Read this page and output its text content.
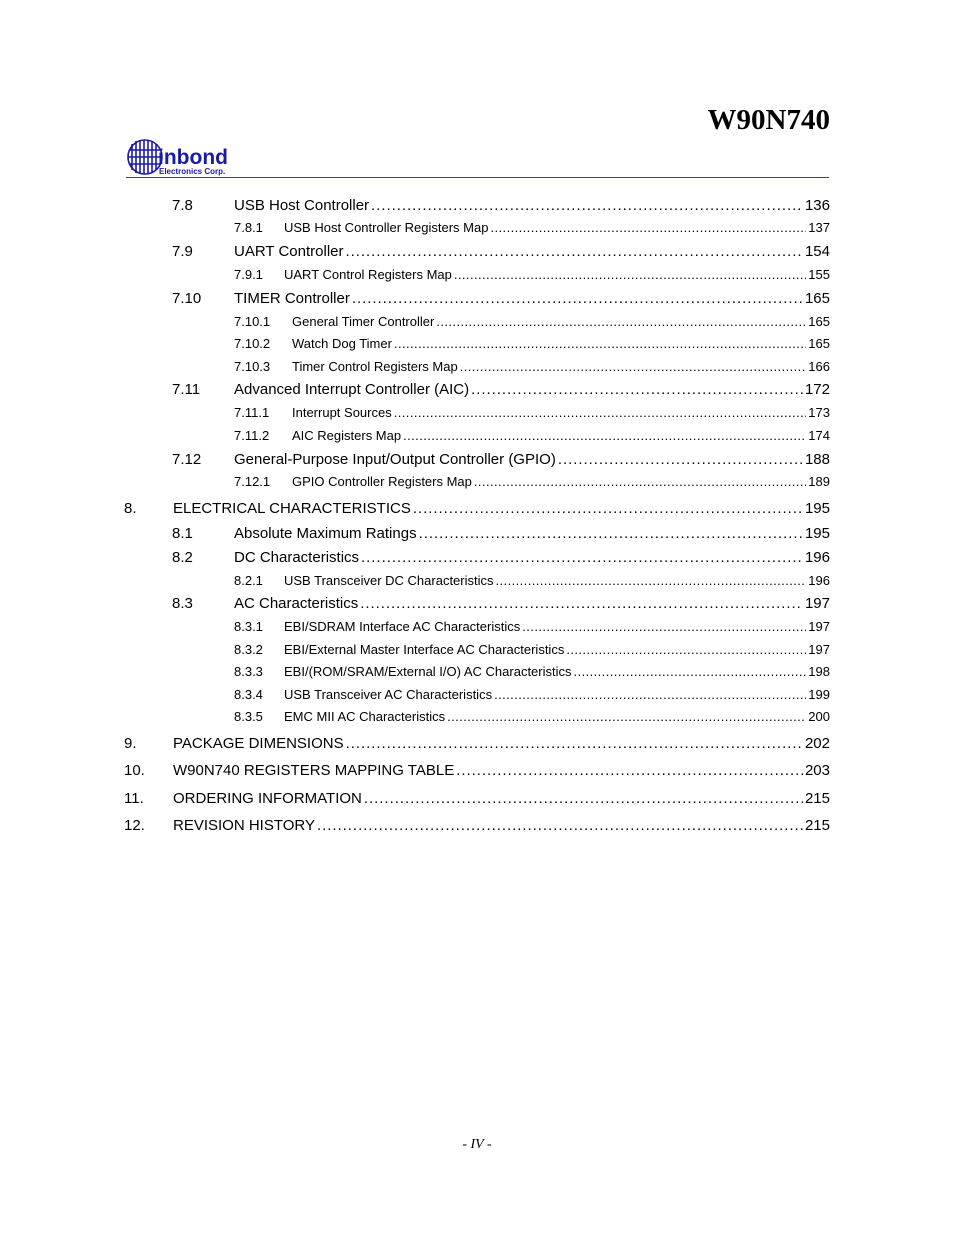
W90N740
inbond
Electronics Corp.
7.8	USB Host Controller . . .	136
7.8.1 USB Host Controller Registers Map . . .	137
7.9	UART Controller . . .	154
7.9.1 UART Control Registers Map . . .	155
7.10 TIMER Controller . . .	165
7.10.1 General Timer Controller . . .	165
7.10.2 Watch Dog Timer . . .	165
7.10.3 Timer Control Registers Map . . .	166
7.11 Advanced Interrupt Controller (AIC) . . .	172
7.11.1 Interrupt Sources . . .	173
7.11.2 AIC Registers Map . . .	174
7.12 General-Purpose Input/Output Controller (GPIO) . . .	188
7.12.1 GPIO Controller Registers Map . . .	189
8. ELECTRICAL CHARACTERISTICS . . .	195
8.1	Absolute Maximum Ratings . . .	195
8.2	DC Characteristics . . .	196
8.2.1 USB Transceiver DC Characteristics . . .	196
8.3	AC Characteristics . . .	197
8.3.1 EBI/SDRAM Interface AC Characteristics . . .	197
8.3.2 EBI/External Master Interface AC Characteristics . . .	197
8.3.3 EBI/(ROM/SRAM/External I/O) AC Characteristics . . .	198
8.3.4 USB Transceiver AC Characteristics . . .	199
8.3.5 EMC MII AC Characteristics . . .	200
9. PACKAGE DIMENSIONS . . .	202
10. W90N740 REGISTERS MAPPING TABLE . . .	203
11. ORDERING INFORMATION . . .	215
12. REVISION HISTORY . . .	215
- IV -
